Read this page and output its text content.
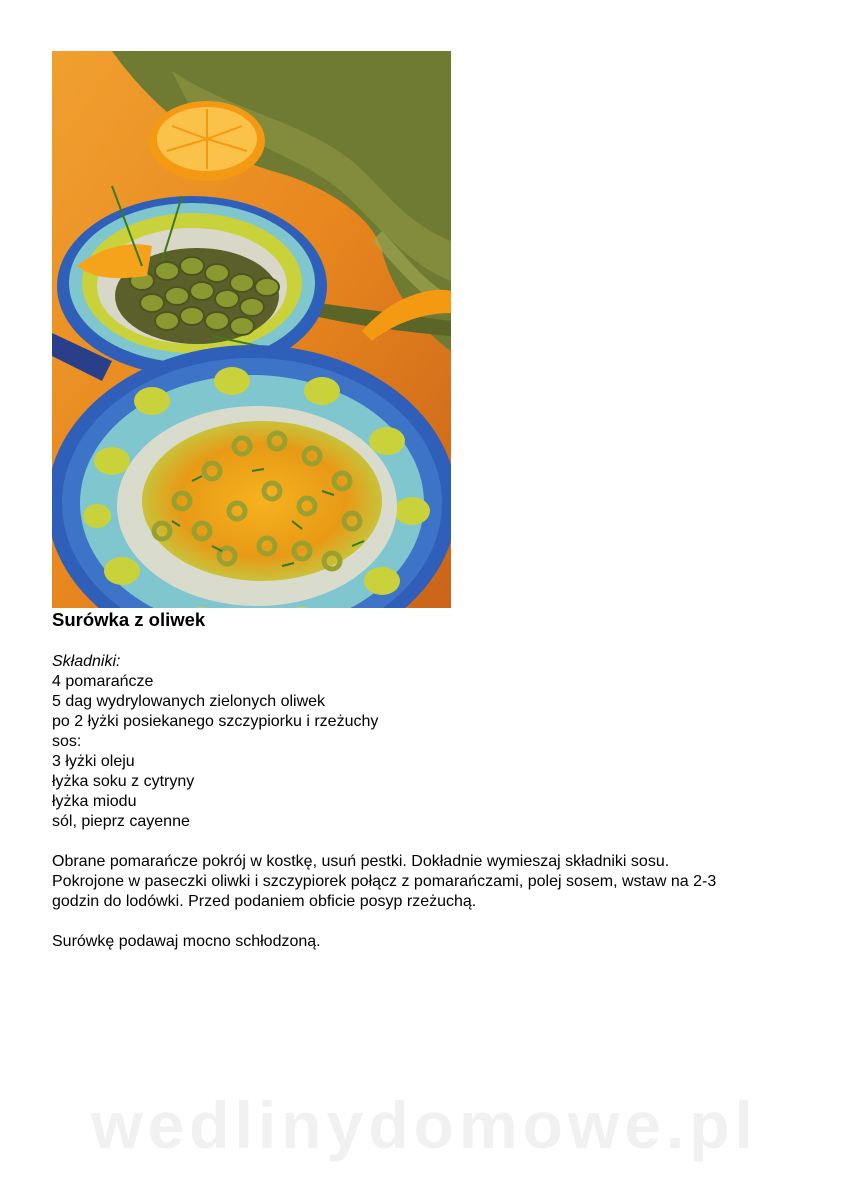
Surówka z oliwek
Składniki:
4 pomarańcze
5 dag wydrylowanych zielonych oliwek
po 2 łyżki posiekanego szczypiorku i rzeżuchy
sos:
3 łyżki oleju
łyżka soku z cytryny
łyżka miodu
sól, pieprz cayenne
Obrane pomarańcze pokrój w kostkę, usuń pestki. Dokładnie wymieszaj składniki sosu.
Pokrojone w paseczki oliwki i szczypiorek połącz z pomarańczami, polej sosem, wstaw na 2-3
godzin do lodówki. Przed podaniem obficie posyp rzeżuchą.
Surówkę podawaj mocno schłodzoną.
wedlinydomowe.pl
